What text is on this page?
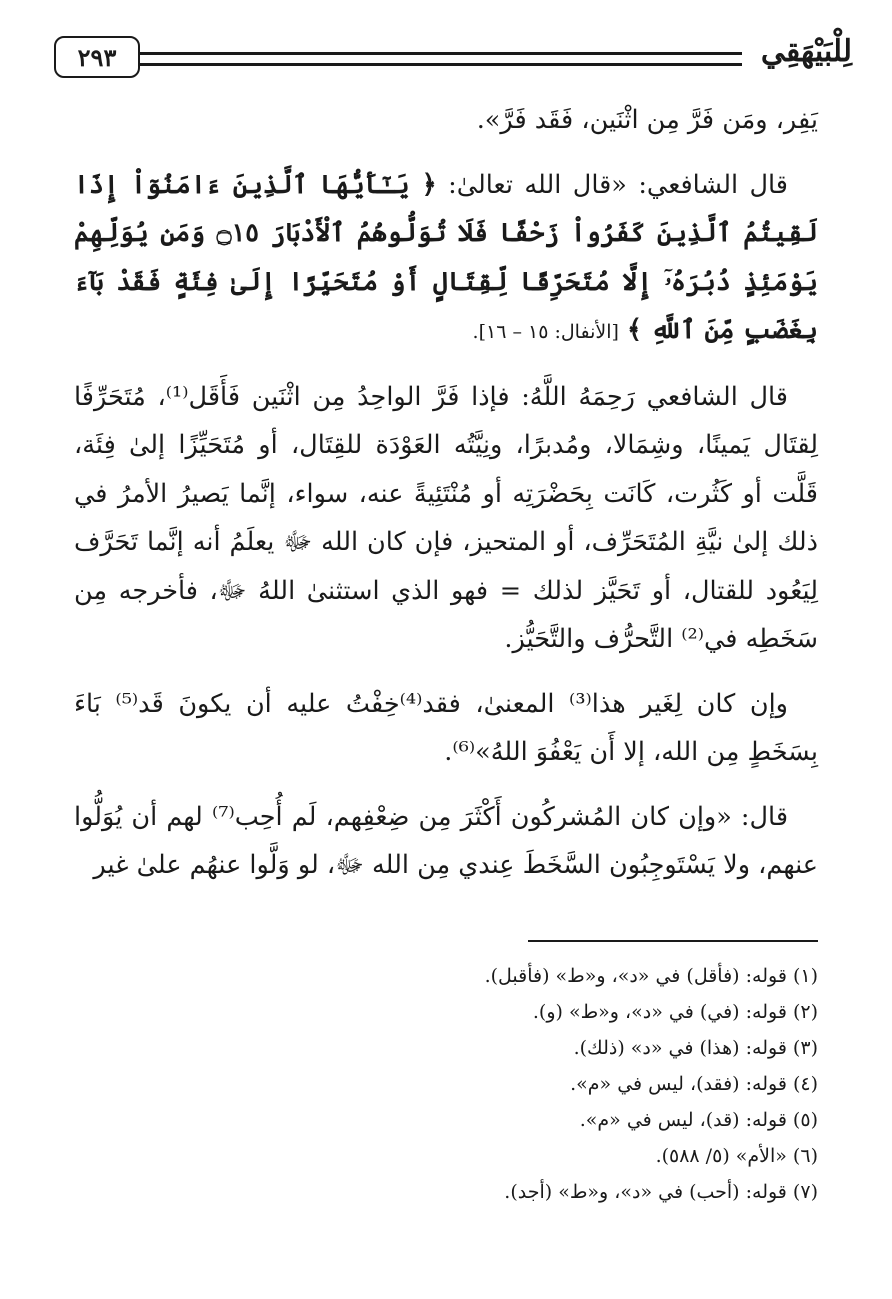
٢٩٣	لِلْبَيْهَقِي

يَفِر، ومَن فَرَّ مِن اثْنَين، فَقَد فَرَّ».

قال الشافعي: «قال الله تعالىٰ: ﴿ يَـٰٓأَيُّهَا ٱلَّذِينَ ءَامَنُوٓاْ إِذَا لَقِيتُمُ ٱلَّذِينَ كَفَرُواْ زَحْفًا فَلَا تُوَلُّوهُمُ ٱلْأَدْبَارَ ۝١٥ وَمَن يُوَلِّهِمْ يَوْمَئِذٍ دُبُرَهُۥٓ إِلَّا مُتَحَرِّفًا لِّقِتَالٍ أَوْ مُتَحَيِّزًا إِلَىٰ فِئَةٍ فَقَدْ بَآءَ بِغَضَبٍ مِّنَ ٱللَّهِ ﴾ [الأنفال: ١٥ – ١٦].

قال الشافعي رَحِمَهُ اللَّهُ: فإذا فَرَّ الواحِدُ مِن اثْنَين فَأَقَل⁽¹⁾، مُتَحَرِّفًا لِقتَال يَمينًا، وشِمَالا، ومُدبرًا، ونِيَّتُه العَوْدَة للقِتَال، أو مُتَحَيِّزًا إلىٰ فِئَة، قَلَّت أو كَثُرت، كَانَت بِحَضْرَتِه أو مُنْتَئِيةً عنه، سواء، إنَّما يَصيرُ الأمرُ في ذلك إلىٰ نيَّةِ المُتَحَرِّف، أو المتحيز، فإن كان الله ﷻ يعلَمُ أنه إنَّما تَحَرَّف لِيَعُود للقتال، أو تَحَيَّز لذلك = فهو الذي استثنىٰ اللهُ ﷻ، فأخرجه مِن سَخَطِه في⁽²⁾ التَّحرُّف والتَّحَيُّز.

وإن كان لِغَير هذا⁽³⁾ المعنىٰ، فقد⁽⁴⁾خِفْتُ عليه أن يكونَ قَد⁽⁵⁾ بَاءَ بِسَخَطٍ مِن الله، إلا أَن يَعْفُوَ اللهُ»⁽⁶⁾.

قال: «وإن كان المُشركُون أَكْثَرَ مِن ضِعْفِهم، لَم أُحِب⁽⁷⁾ لهم أن يُوَلُّوا عنهم، ولا يَسْتَوجِبُون السَّخَطَ عِندي مِن الله ﷻ، لو وَلَّوا عنهُم علىٰ غير

(١) قوله: (فأقل) في «د»، و«ط» (فأقبل).

(٢) قوله: (في) في «د»، و«ط» (و).

(٣) قوله: (هذا) في «د» (ذلك).

(٤) قوله: (فقد)، ليس في «م».

(٥) قوله: (قد)، ليس في «م».

(٦) «الأم» (٥/ ٥٨٨).

(٧) قوله: (أحب) في «د»، و«ط» (أجد).
